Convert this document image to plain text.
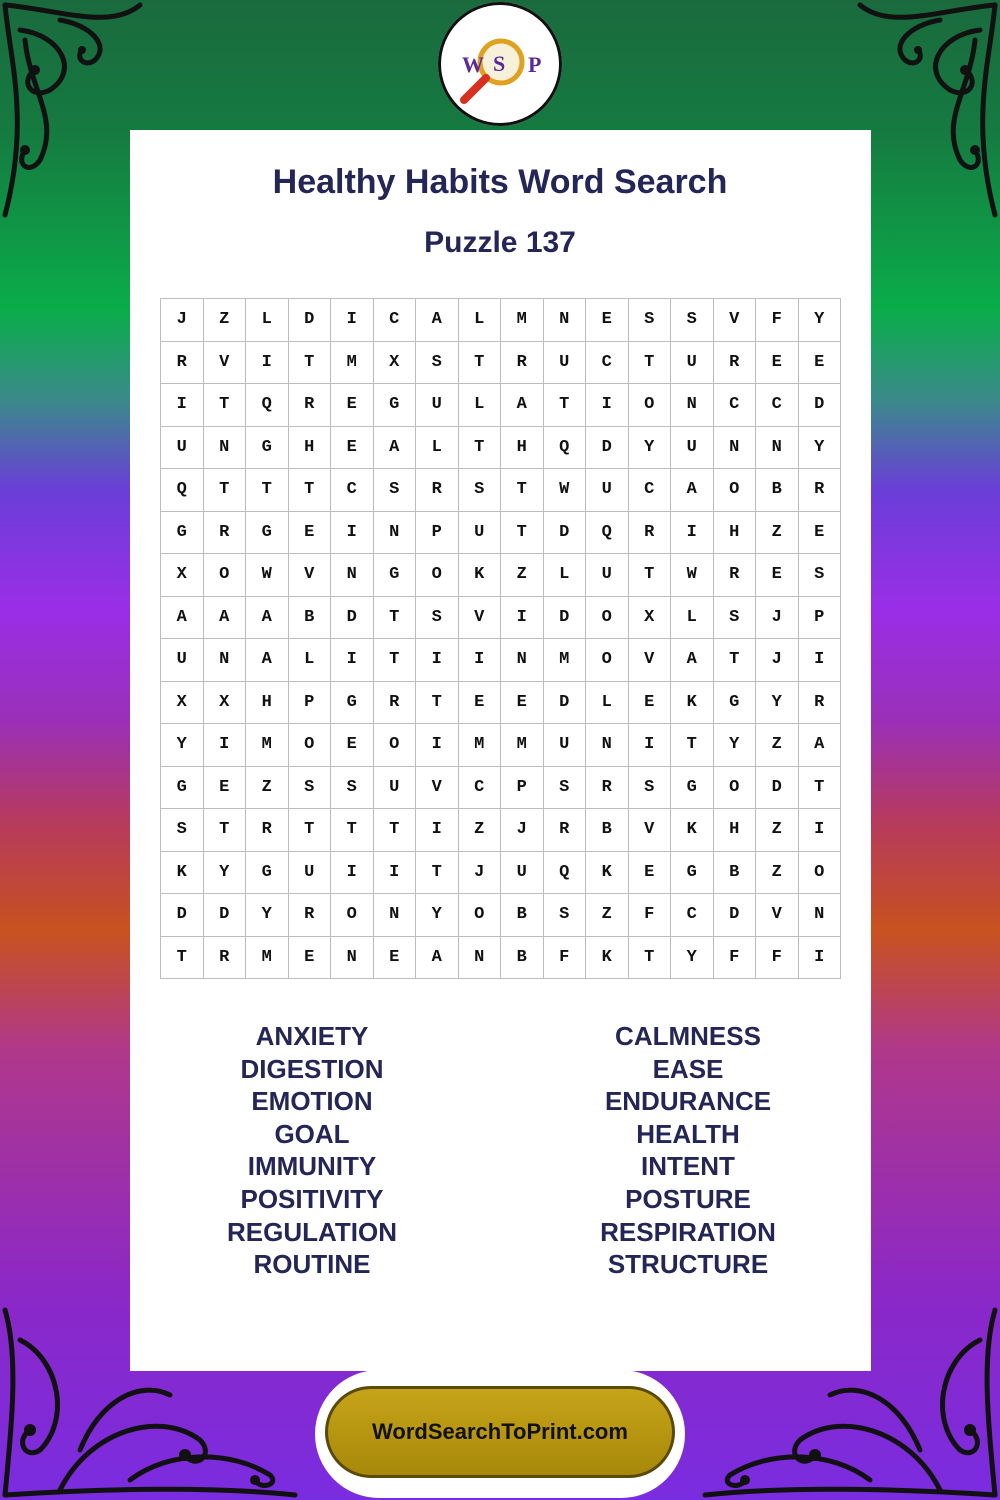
W S P
Healthy Habits Word Search
Puzzle 137
J	Z	L	D	I	C	A	L	M	N	E	S	S	V	F	Y
R	V	I	T	M	X	S	T	R	U	C	T	U	R	E	E
I	T	Q	R	E	G	U	L	A	T	I	O	N	C	C	D
U	N	G	H	E	A	L	T	H	Q	D	Y	U	N	N	Y
Q	T	T	T	C	S	R	S	T	W	U	C	A	O	B	R
G	R	G	E	I	N	P	U	T	D	Q	R	I	H	Z	E
X	O	W	V	N	G	O	K	Z	L	U	T	W	R	E	S
A	A	A	B	D	T	S	V	I	D	O	X	L	S	J	P
U	N	A	L	I	T	I	I	N	M	O	V	A	T	J	I
X	X	H	P	G	R	T	E	E	D	L	E	K	G	Y	R
Y	I	M	O	E	O	I	M	M	U	N	I	T	Y	Z	A
G	E	Z	S	S	U	V	C	P	S	R	S	G	O	D	T
S	T	R	T	T	T	I	Z	J	R	B	V	K	H	Z	I
K	Y	G	U	I	I	T	J	U	Q	K	E	G	B	Z	O
D	D	Y	R	O	N	Y	O	B	S	Z	F	C	D	V	N
T	R	M	E	N	E	A	N	B	F	K	T	Y	F	F	I
ANXIETY
DIGESTION
EMOTION
GOAL
IMMUNITY
POSITIVITY
REGULATION
ROUTINE
CALMNESS
EASE
ENDURANCE
HEALTH
INTENT
POSTURE
RESPIRATION
STRUCTURE
WordSearchToPrint.com
